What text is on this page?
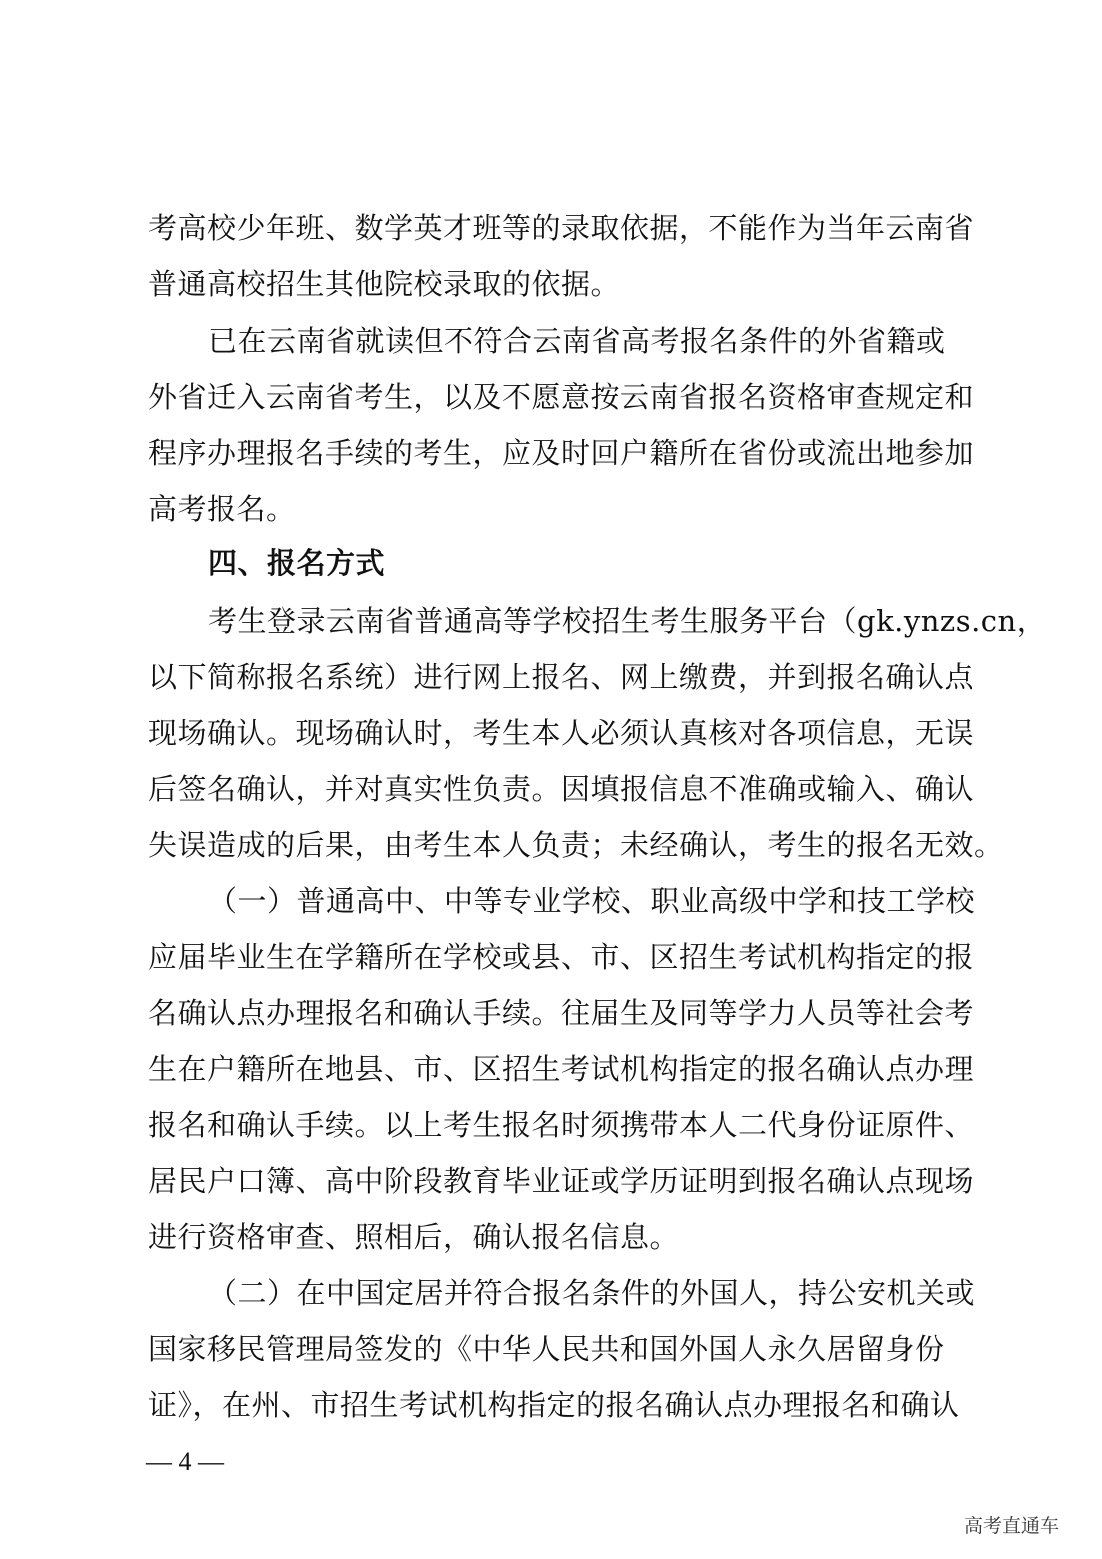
考高校少年班、数学英才班等的录取依据，不能作为当年云南省
普通高校招生其他院校录取的依据。
已在云南省就读但不符合云南省高考报名条件的外省籍或
外省迁入云南省考生，以及不愿意按云南省报名资格审查规定和
程序办理报名手续的考生，应及时回户籍所在省份或流出地参加
高考报名。
四、报名方式
考生登录云南省普通高等学校招生考生服务平台（gk.ynzs.cn，
以下简称报名系统）进行网上报名、网上缴费，并到报名确认点
现场确认。现场确认时，考生本人必须认真核对各项信息，无误
后签名确认，并对真实性负责。因填报信息不准确或输入、确认
失误造成的后果，由考生本人负责；未经确认，考生的报名无效。
（一）普通高中、中等专业学校、职业高级中学和技工学校
应届毕业生在学籍所在学校或县、市、区招生考试机构指定的报
名确认点办理报名和确认手续。往届生及同等学力人员等社会考
生在户籍所在地县、市、区招生考试机构指定的报名确认点办理
报名和确认手续。以上考生报名时须携带本人二代身份证原件、
居民户口簿、高中阶段教育毕业证或学历证明到报名确认点现场
进行资格审查、照相后，确认报名信息。
（二）在中国定居并符合报名条件的外国人，持公安机关或
国家移民管理局签发的《中华人民共和国外国人永久居留身份
证》，在州、市招生考试机构指定的报名确认点办理报名和确认
— 4 —
高考直通车
